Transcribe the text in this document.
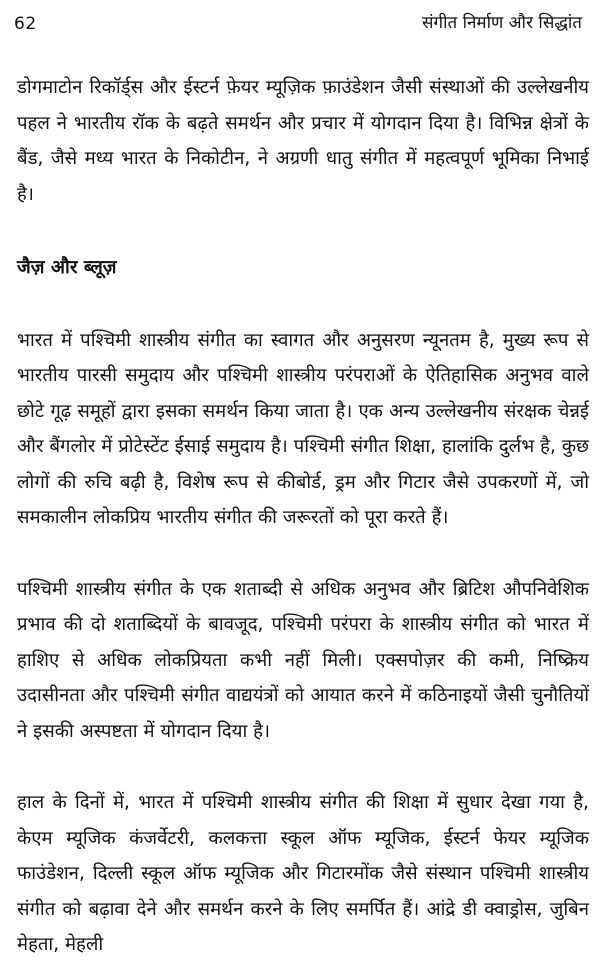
62	संगीत निर्माण और सिद्धांत

डोगमाटोन रिकॉर्ड्स और ईस्टर्न फ़ेयर म्यूज़िक फ़ाउंडेशन जैसी संस्थाओं की उल्लेखनीय पहल ने भारतीय रॉक के बढ़ते समर्थन और प्रचार में योगदान दिया है। विभिन्न क्षेत्रों के बैंड, जैसे मध्य भारत के निकोटीन, ने अग्रणी धातु संगीत में महत्वपूर्ण भूमिका निभाई है।

जैज़ और ब्लूज़

भारत में पश्चिमी शास्त्रीय संगीत का स्वागत और अनुसरण न्यूनतम है, मुख्य रूप से भारतीय पारसी समुदाय और पश्चिमी शास्त्रीय परंपराओं के ऐतिहासिक अनुभव वाले छोटे गूढ़ समूहों द्वारा इसका समर्थन किया जाता है। एक अन्य उल्लेखनीय संरक्षक चेन्नई और बैंगलोर में प्रोटेस्टेंट ईसाई समुदाय है। पश्चिमी संगीत शिक्षा, हालांकि दुर्लभ है, कुछ लोगों की रुचि बढ़ी है, विशेष रूप से कीबोर्ड, ड्रम और गिटार जैसे उपकरणों में, जो समकालीन लोकप्रिय भारतीय संगीत की जरूरतों को पूरा करते हैं।

पश्चिमी शास्त्रीय संगीत के एक शताब्दी से अधिक अनुभव और ब्रिटिश औपनिवेशिक प्रभाव की दो शताब्दियों के बावजूद, पश्चिमी परंपरा के शास्त्रीय संगीत को भारत में हाशिए से अधिक लोकप्रियता कभी नहीं मिली। एक्सपोज़र की कमी, निष्क्रिय उदासीनता और पश्चिमी संगीत वाद्ययंत्रों को आयात करने में कठिनाइयों जैसी चुनौतियों ने इसकी अस्पष्टता में योगदान दिया है।

हाल के दिनों में, भारत में पश्चिमी शास्त्रीय संगीत की शिक्षा में सुधार देखा गया है, केएम म्यूजिक कंजर्वेटरी, कलकत्ता स्कूल ऑफ म्यूजिक, ईस्टर्न फेयर म्यूजिक फाउंडेशन, दिल्ली स्कूल ऑफ म्यूजिक और गिटारमोंक जैसे संस्थान पश्चिमी शास्त्रीय संगीत को बढ़ावा देने और समर्थन करने के लिए समर्पित हैं। आंद्रे डी क्वाड्रोस, जुबिन मेहता, मेहली
